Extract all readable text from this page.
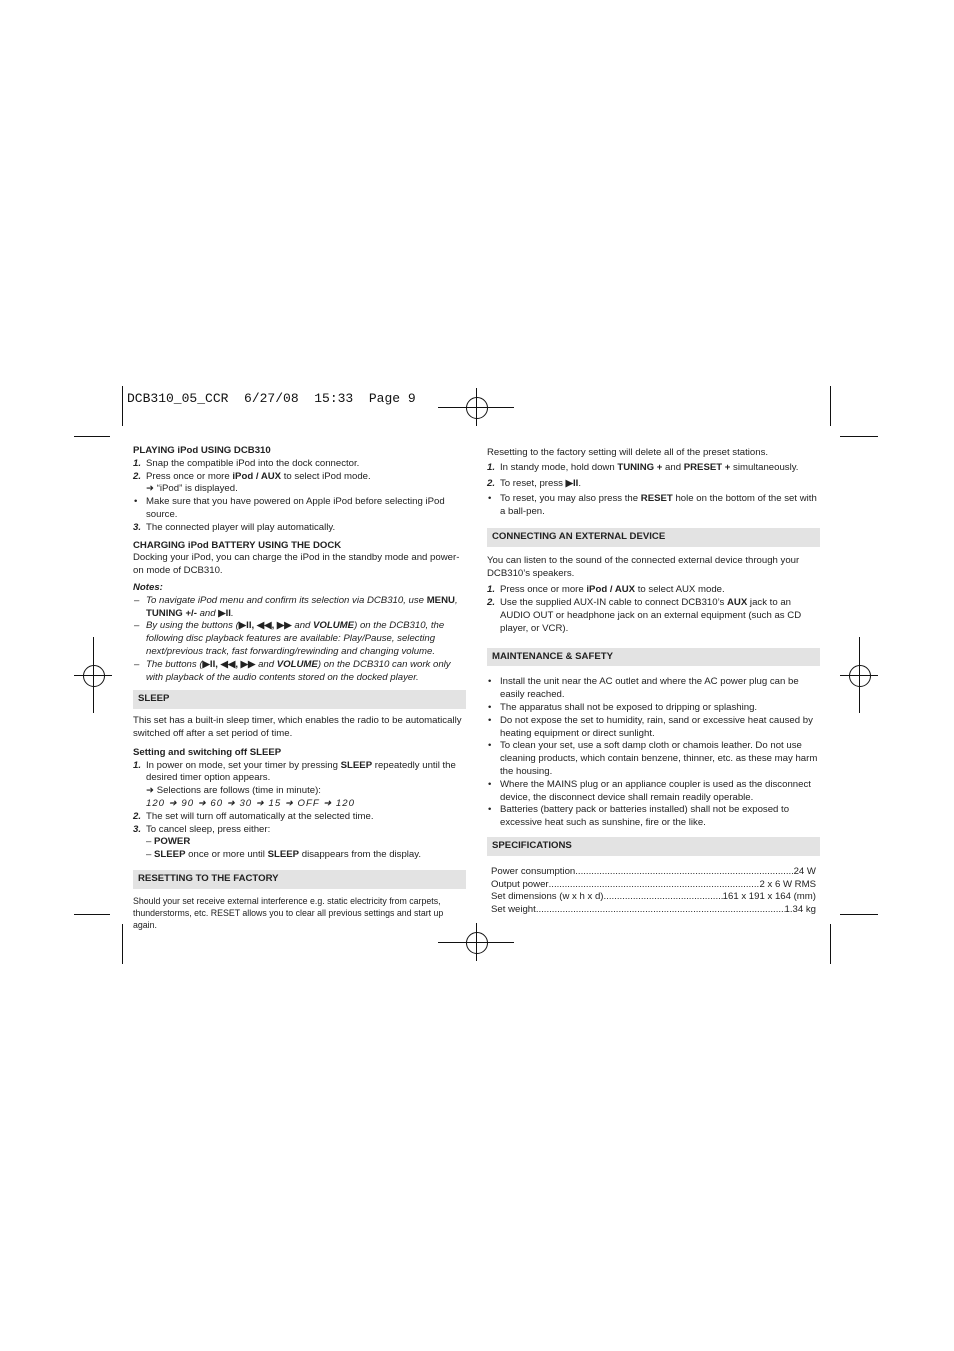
DCB310_05_CCR  6/27/08  15:33  Page 9
PLAYING iPod USING DCB310
1. Snap the compatible iPod into the dock connector.
2. Press once or more iPod / AUX to select iPod mode.
➜ “iPod” is displayed.
• Make sure that you have powered on Apple iPod before selecting iPod source.
3. The connected player will play automatically.
CHARGING iPod BATTERY USING THE DOCK

Docking your iPod, you can charge the iPod in the standby mode and power-on mode of DCB310.

Notes:
– To navigate iPod menu and confirm its selection via DCB310, use MENU,
TUNING +/- and ▶II.
– By using the buttons (▶II, ◀◀, ▶▶ and VOLUME) on the DCB310, the following disc playback features are available: Play/Pause, selecting next/previous track, fast forwarding/rewinding and changing volume.
– The buttons (▶II, ◀◀, ▶▶ and VOLUME) on the DCB310 can work only with playback of the audio contents stored on the docked player.
SLEEP

This set has a built-in sleep timer, which enables the radio to be automatically switched off after a set period of time.

Setting and switching off SLEEP
1. In power on mode, set your timer by pressing SLEEP repeatedly until the desired timer option appears.
➜ Selections are follows (time in minute):
120 ➜ 90 ➜ 60 ➜ 30 ➜ 15 ➜ OFF ➜ 120
2. The set will turn off automatically at the selected time.
3. To cancel sleep, press either:
– POWER
– SLEEP once or more until SLEEP disappears from the display.
RESETTING TO THE FACTORY

Should your set receive external interference e.g. static electricity from carpets, thunderstorms, etc. RESET allows you to clear all previous settings and start up again.

Resetting to the factory setting will delete all of the preset stations.

1. In standy mode, hold down TUNING + and PRESET + simultaneously.
2. To reset, press ▶II.
• To reset, you may also press the RESET hole on the bottom of the set with a ball-pen.
CONNECTING AN EXTERNAL DEVICE

You can listen to the sound of the connected external device through your DCB310’s speakers.

1. Press once or more iPod / AUX to select AUX mode.
2. Use the supplied AUX-IN cable to connect DCB310’s AUX jack to an AUDIO OUT or headphone jack on an external equipment (such as CD player, or VCR).
MAINTENANCE & SAFETY
• Install the unit near the AC outlet and where the AC power plug can be easily reached.
• The apparatus shall not be exposed to dripping or splashing.
• Do not expose the set to humidity, rain, sand or excessive heat caused by heating equipment or direct sunlight.
• To clean your set, use a soft damp cloth or chamois leather. Do not use cleaning products, which contain benzene, thinner, etc. as these may harm the housing.
• Where the MAINS plug or an appliance coupler is used as the disconnect device, the disconnect device shall remain readily operable.
• Batteries (battery pack or batteries installed) shall not be exposed to excessive heat such as sunshine, fire or the like.
SPECIFICATIONS
Power consumption .....	24 W
Output power .....	2 x 6 W RMS
Set dimensions (w x h x d) .....	161 x 191 x 164 (mm)
Set weight .....	1.34 kg
